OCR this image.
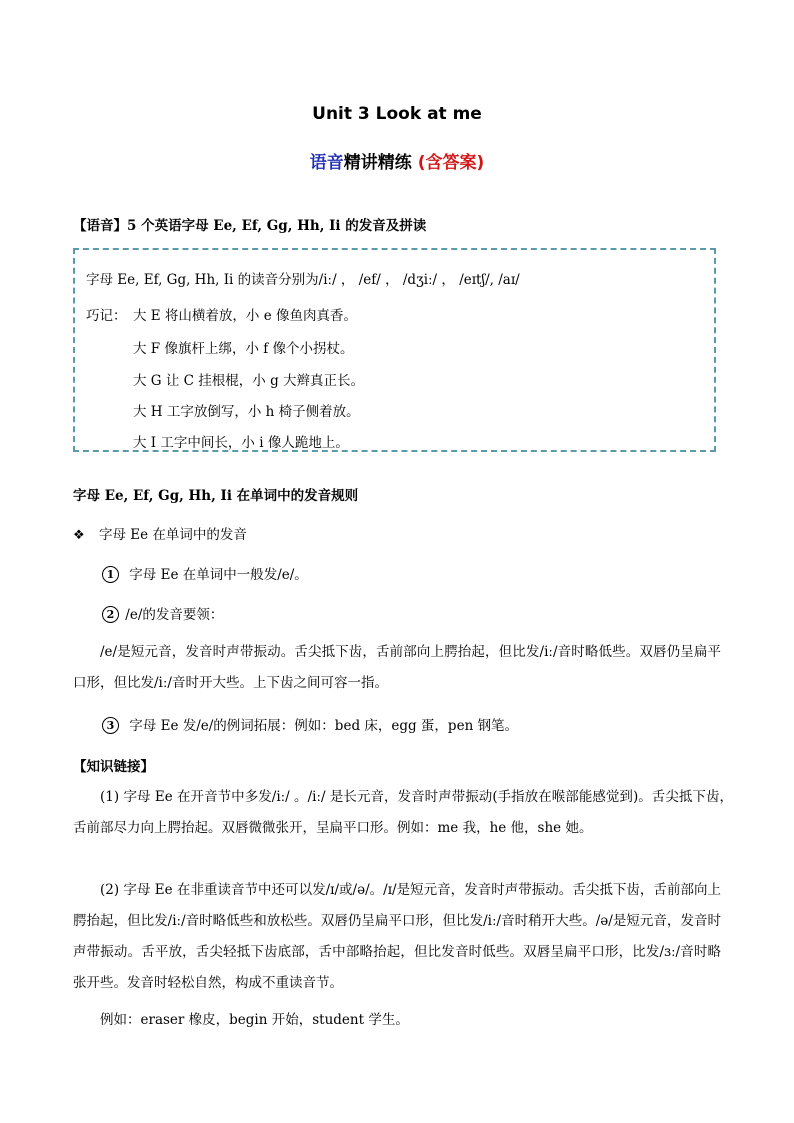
Unit 3 Look at me
语音精讲精练 (含答案)
【语音】5 个英语字母 Ee, Ef, Gg, Hh, Ii 的发音及拼读
字母 Ee, Ef, Gg, Hh, Ii 的读音分别为/iː/ ， /ef/ ， /dʒiː/ ， /eɪtʃ/, /aɪ/
巧记： 大 E 将山横着放，小 e 像鱼肉真香。
大 F 像旗杆上绑，小 f 像个小拐杖。
大 G 让 C 挂根棍，小 g 大辫真正长。
大 H 工字放倒写，小 h 椅子侧着放。
大 I 工字中间长，小 i 像人跪地上。
字母 Ee, Ef, Gg, Hh, Ii 在单词中的发音规则
❖ 字母 Ee 在单词中的发音
1 字母 Ee 在单词中一般发/e/。
2 /e/的发音要领：
/e/是短元音，发音时声带振动。舌尖抵下齿，舌前部向上腭抬起，但比发/iː/音时略低些。双唇仍呈扁平口形，但比发/iː/音时开大些。上下齿之间可容一指。
3 字母 Ee 发/e/的例词拓展：例如：bed 床，egg 蛋，pen 钢笔。
【知识链接】
(1) 字母 Ee 在开音节中多发/iː/ 。/iː/ 是长元音，发音时声带振动(手指放在喉部能感觉到)。舌尖抵下齿，舌前部尽力向上腭抬起。双唇微微张开，呈扁平口形。例如：me 我，he 他，she 她。
(2) 字母 Ee 在非重读音节中还可以发/ɪ/或/ə/。/ɪ/是短元音，发音时声带振动。舌尖抵下齿，舌前部向上腭抬起，但比发/iː/音时略低些和放松些。双唇仍呈扁平口形，但比发/iː/音时稍开大些。/ə/是短元音，发音时声带振动。舌平放，舌尖轻抵下齿底部，舌中部略抬起，但比发音时低些。双唇呈扁平口形，比发/ɜː/音时略张开些。发音时轻松自然，构成不重读音节。
例如：eraser 橡皮，begin 开始，student 学生。
